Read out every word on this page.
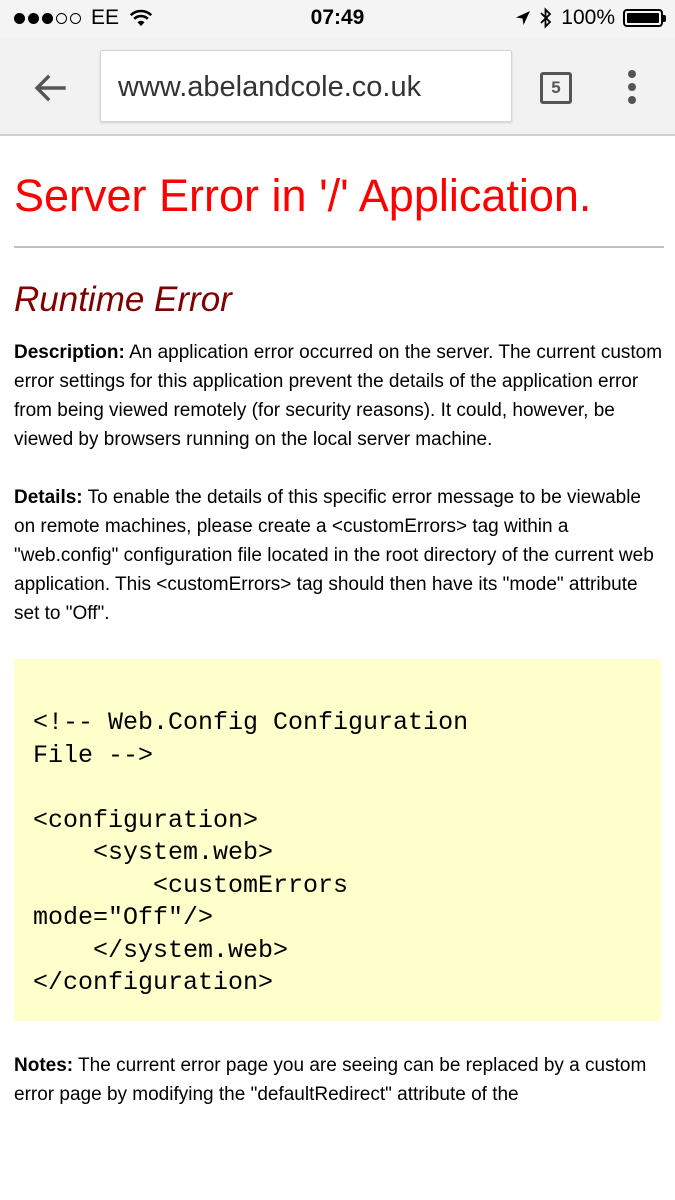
EE	07:49	100%
www.abelandcole.co.uk	5
Server Error in '/' Application.
Runtime Error

Description: An application error occurred on the server. The current custom error settings for this application prevent the details of the application error from being viewed remotely (for security reasons). It could, however, be viewed by browsers running on the local server machine.

Details: To enable the details of this specific error message to be viewable on remote machines, please create a <customErrors> tag within a "web.config" configuration file located in the root directory of the current web application. This <customErrors> tag should then have its "mode" attribute set to "Off".

<!-- Web.Config Configuration
File -->

<configuration>
<system.web>
<customErrors
mode="Off"/>
</system.web>
</configuration>

Notes: The current error page you are seeing can be replaced by a custom error page by modifying the "defaultRedirect" attribute of the
